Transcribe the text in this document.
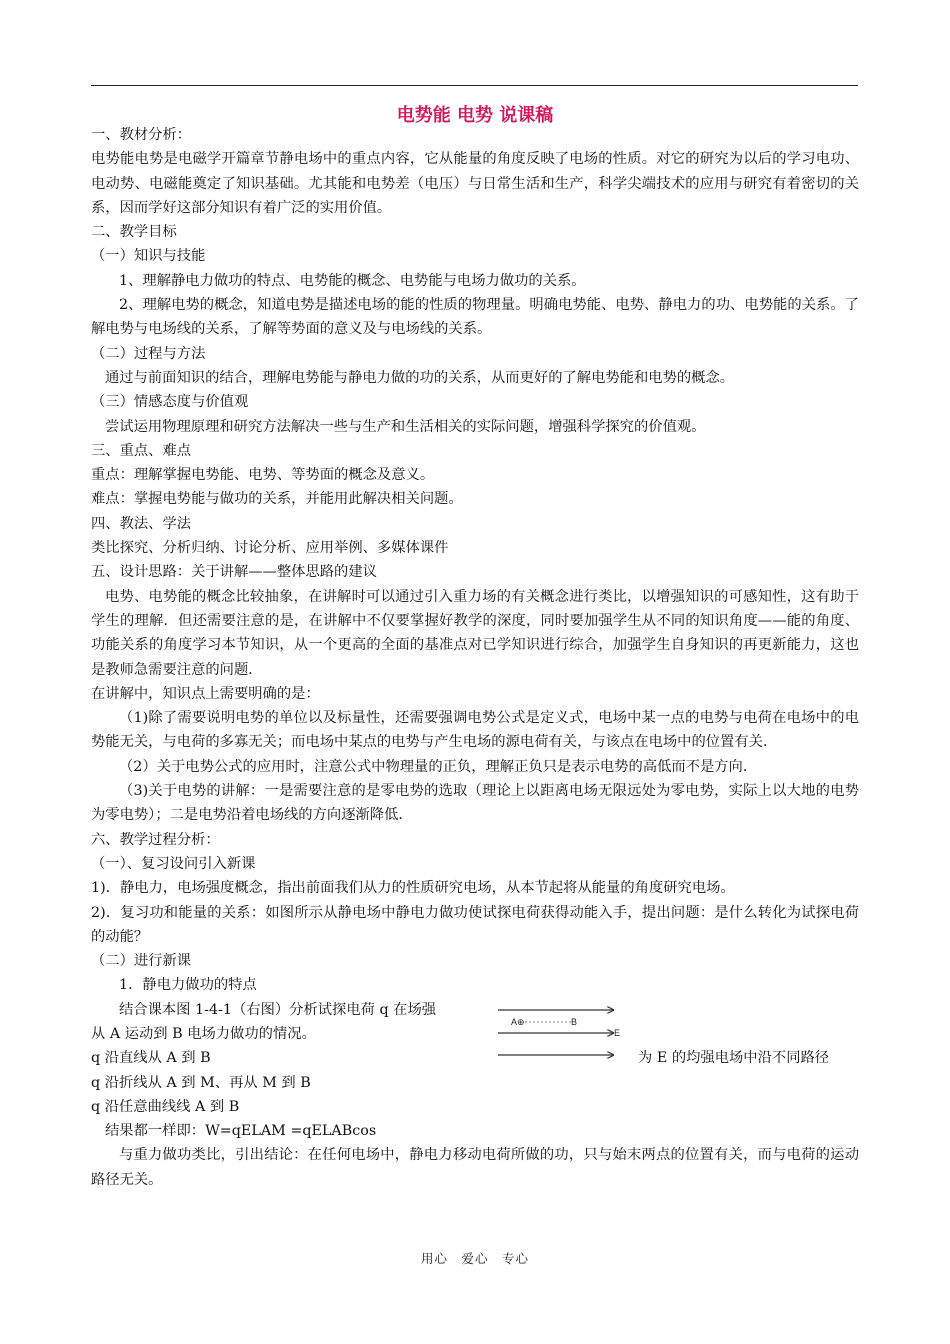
电势能 电势 说课稿

一、教材分析：

电势能电势是电磁学开篇章节静电场中的重点内容，它从能量的角度反映了电场的性质。对它的研究为以后的学习电功、电动势、电磁能奠定了知识基础。尤其能和电势差（电压）与日常生活和生产，科学尖端技术的应用与研究有着密切的关系，因而学好这部分知识有着广泛的实用价值。

二、教学目标

（一）知识与技能

1、理解静电力做功的特点、电势能的概念、电势能与电场力做功的关系。

2、理解电势的概念，知道电势是描述电场的能的性质的物理量。明确电势能、电势、静电力的功、电势能的关系。了解电势与电场线的关系，了解等势面的意义及与电场线的关系。

（二）过程与方法

通过与前面知识的结合，理解电势能与静电力做的功的关系，从而更好的了解电势能和电势的概念。

（三）情感态度与价值观

尝试运用物理原理和研究方法解决一些与生产和生活相关的实际问题，增强科学探究的价值观。

三、重点、难点

重点：理解掌握电势能、电势、等势面的概念及意义。

难点：掌握电势能与做功的关系，并能用此解决相关问题。

四、教法、学法

类比探究、分析归纳、讨论分析、应用举例、多媒体课件

五、设计思路：关于讲解——整体思路的建议

电势、电势能的概念比较抽象，在讲解时可以通过引入重力场的有关概念进行类比，以增强知识的可感知性，这有助于学生的理解．但还需要注意的是，在讲解中不仅要掌握好教学的深度，同时要加强学生从不同的知识角度——能的角度、功能关系的角度学习本节知识，从一个更高的全面的基准点对已学知识进行综合，加强学生自身知识的再更新能力，这也是教师急需要注意的问题．

在讲解中，知识点上需要明确的是：

（1)除了需要说明电势的单位以及标量性，还需要强调电势公式是定义式，电场中某一点的电势与电荷在电场中的电势能无关，与电荷的多寡无关；而电场中某点的电势与产生电场的源电荷有关，与该点在电场中的位置有关．

（2）关于电势公式的应用时，注意公式中物理量的正负，理解正负只是表示电势的高低而不是方向．

（3)关于电势的讲解：一是需要注意的是零电势的选取（理论上以距离电场无限远处为零电势，实际上以大地的电势为零电势）；二是电势沿着电场线的方向逐渐降低．

六、教学过程分析：

（一）、复习设问引入新课

1)．静电力，电场强度概念，指出前面我们从力的性质研究电场，从本节起将从能量的角度研究电场。

2)．复习功和能量的关系：如图所示从静电场中静电力做功使试探电荷获得动能入手，提出问题：是什么转化为试探电荷的动能？

（二）进行新课

1．静电力做功的特点

结合课本图 1-4-1（右图）分析试探电荷 q 在场强

从 A 运动到 B 电场力做功的情况。

q 沿直线从 A 到 B

q 沿折线从 A 到 M、再从 M 到 B

q 沿任意曲线线 A 到 B

结果都一样即：W=qELAM =qELABcos

与重力做功类比，引出结论：在任何电场中，静电力移动电荷所做的功，只与始末两点的位置有关，而与电荷的运动路径无关。

为 E 的均强电场中沿不同路径
A⊕	B
E
用心　爱心　专心
